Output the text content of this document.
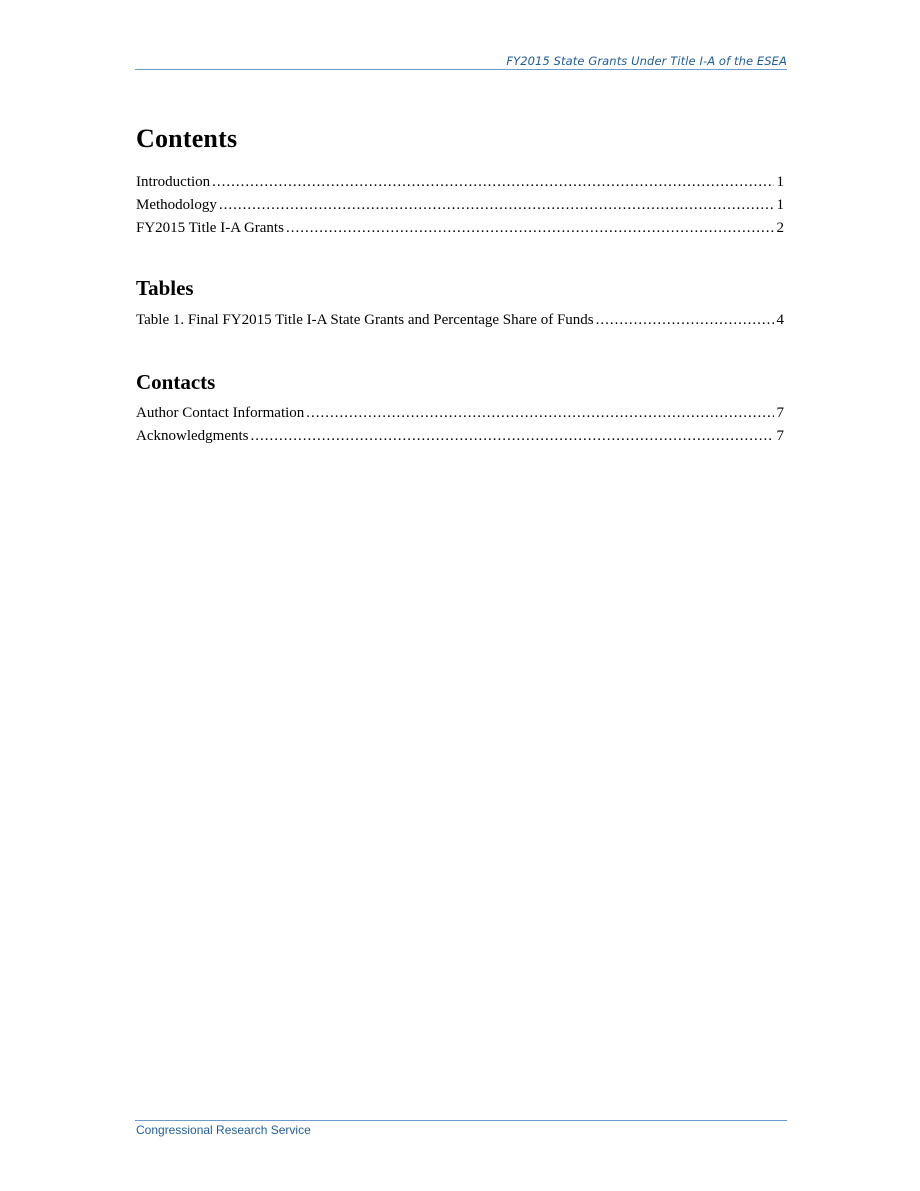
FY2015 State Grants Under Title I-A of the ESEA
Contents
Introduction .....	1
Methodology .....	1
FY2015 Title I-A Grants .....	2
Tables
Table 1. Final FY2015 Title I-A State Grants and Percentage Share of Funds .....	4
Contacts
Author Contact Information .....	7
Acknowledgments .....	7
Congressional Research Service
